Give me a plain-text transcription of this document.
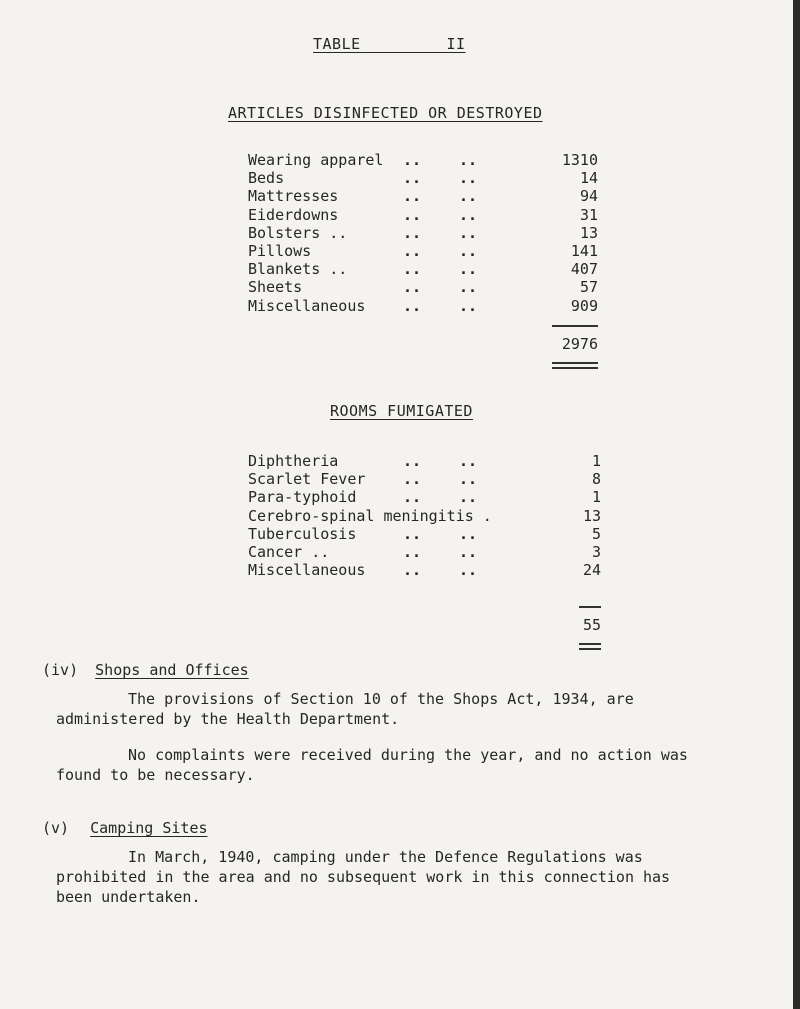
TABLE	II
ARTICLES DISINFECTED OR DESTROYED
Wearing apparel ..	..	1310
Beds	..	..	14
Mattresses	..	..	94
Eiderdowns	..	..	31
Bolsters ..	..	..	13
Pillows	..	..	141
Blankets ..	..	..	407
Sheets	..	..	57
Miscellaneous	..	..	909
2976
ROOMS FUMIGATED
Diphtheria	..	..	1
Scarlet Fever	..	..	8
Para-typhoid	..	..	1
Cerebro-spinal meningitis .	13
Tuberculosis	..	..	5
Cancer ..	..	..	3
Miscellaneous	..	..	24
55
(iv) Shops and Offices
The provisions of Section 10 of the Shops Act, 1934, are
administered by the Health Department.
No complaints were received during the year, and no action was
found to be necessary.
(v) Camping Sites
In March, 1940, camping under the Defence Regulations was
prohibited in the area and no subsequent work in this connection has
been undertaken.
